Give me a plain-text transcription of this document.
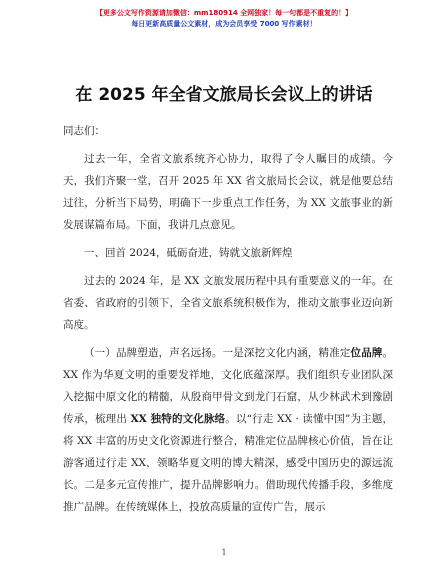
【更多公文写作资源请加微信：mm180914 全网独家！每一句都是不重复的！】
每日更新高质量公文素材，成为会员享受 7000 写作素材！
在 2025 年全省文旅局长会议上的讲话

同志们：

过去一年，全省文旅系统齐心协力，取得了令人瞩目的成绩。今天，我们齐聚一堂，召开 2025 年 XX 省文旅局长会议，就是他要总结过往，分析当下局势，明确下一步重点工作任务，为 XX 文旅事业的新发展谋篇布局。下面，我讲几点意见。

一、回首 2024，砥砺奋进，铸就文旅新辉煌

过去的 2024 年，是 XX 文旅发展历程中具有重要意义的一年。在省委、省政府的引领下，全省文旅系统积极作为，推动文旅事业迈向新高度。

（一）品牌塑造，声名远扬。一是深挖文化内涵，精准定位品牌。XX 作为华夏文明的重要发祥地，文化底蕴深厚。我们组织专业团队深入挖掘中原文化的精髓，从殷商甲骨文到龙门石窟，从少林武术到豫剧传承，梳理出 XX 独特的文化脉络。以“行走 XX · 读懂中国”为主题，将 XX 丰富的历史文化资源进行整合，精准定位品牌核心价值，旨在让游客通过行走 XX，领略华夏文明的博大精深，感受中国历史的源远流长。二是多元宣传推广，提升品牌影响力。借助现代传播手段，多维度推广品牌。在传统媒体上，投放高质量的宣传广告，展示

1
